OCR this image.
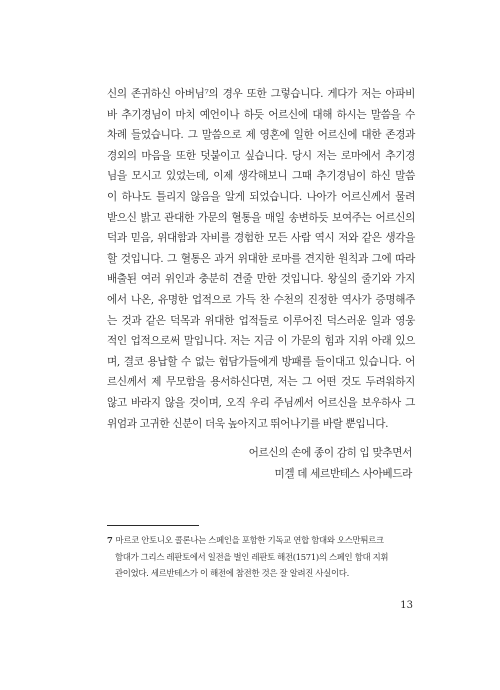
신의 존귀하신 아버님⁷의 경우 또한 그렇습니다. 게다가 저는 아파비
바 추기경님이 마치 예언이나 하듯 어르신에 대해 하시는 말씀을 수
차례 들었습니다. 그 말씀으로 제 영혼에 일한 어르신에 대한 존경과
경외의 마음을 또한 덧붙이고 싶습니다. 당시 저는 로마에서 추기경
님을 모시고 있었는데, 이제 생각해보니 그때 추기경님이 하신 말씀
이 하나도 틀리지 않음을 알게 되었습니다. 나아가 어르신께서 물려
받으신 밝고 관대한 가문의 혈통을 매일 송변하듯 보여주는 어르신의
덕과 믿음, 위대함과 자비를 경험한 모든 사람 역시 저와 같은 생각을
할 것입니다. 그 혈통은 과거 위대한 로마를 견지한 원칙과 그에 따라
배출된 여러 위인과 충분히 견줄 만한 것입니다. 왕실의 줄기와 가지
에서 나온, 유명한 업적으로 가득 찬 수천의 진정한 역사가 증명해주
는 것과 같은 덕목과 위대한 업적들로 이루어진 덕스러운 일과 영웅
적인 업적으로써 말입니다. 저는 지금 이 가문의 힘과 지위 아래 있으
며, 결코 용납할 수 없는 험담가들에게 방패를 들이대고 있습니다. 어
르신께서 제 무모함을 용서하신다면, 저는 그 어떤 것도 두려워하지
않고 바라지 않을 것이며, 오직 우리 주님께서 어르신을 보우하사 그
위엄과 고귀한 신분이 더욱 높아지고 뛰어나기를 바랄 뿐입니다.
어르신의 손에 종이 감히 입 맞추면서
미겔 데 세르반테스 사아베드라
7 마르코 안토니오 콜론나는 스페인을 포함한 기독교 연합 함대와 오스만튀르크
함대가 그리스 레판토에서 일전을 벌인 레판토 해전(1571)의 스페인 함대 지휘
관이었다. 세르반테스가 이 해전에 참전한 것은 잘 알려진 사실이다.
13
